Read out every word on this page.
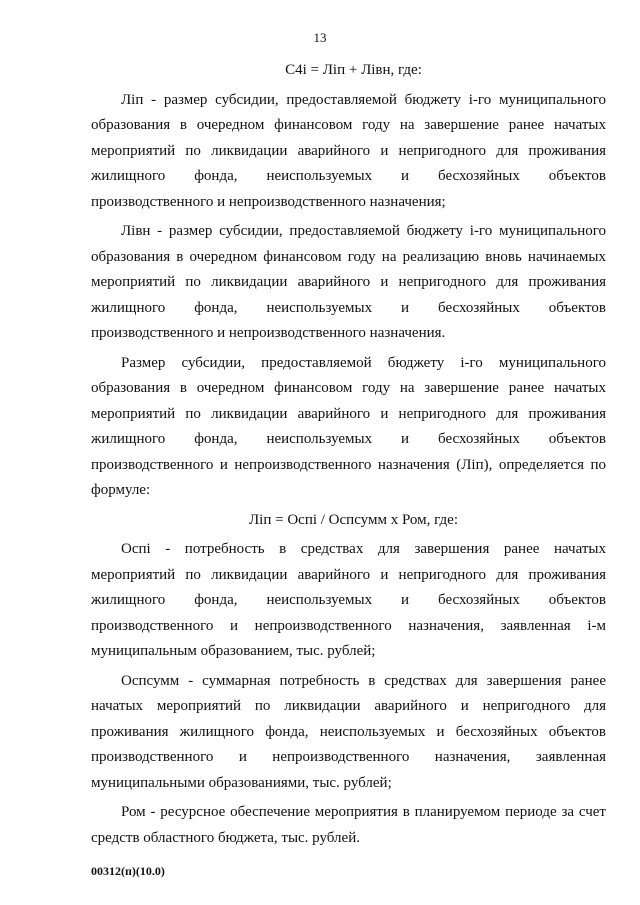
13

С4i = Лiп + Лiвн, где:

Лiп - размер субсидии, предоставляемой бюджету i-го муниципального образования в очередном финансовом году на завершение ранее начатых мероприятий по ликвидации аварийного и непригодного для проживания жилищного фонда, неиспользуемых и бесхозяйных объектов производственного и непроизводственного назначения;

Лiвн - размер субсидии, предоставляемой бюджету i-го муниципального образования в очередном финансовом году на реализацию вновь начинаемых мероприятий по ликвидации аварийного и непригодного для проживания жилищного фонда, неиспользуемых и бесхозяйных объектов производственного и непроизводственного назначения.

Размер субсидии, предоставляемой бюджету i-го муниципального образования в очередном финансовом году на завершение ранее начатых мероприятий по ликвидации аварийного и непригодного для проживания жилищного фонда, неиспользуемых и бесхозяйных объектов производственного и непроизводственного назначения (Лiп), определяется по формуле:

Лiп = Оспi / Оспсумм х Ром, где:

Оспi - потребность в средствах для завершения ранее начатых мероприятий по ликвидации аварийного и непригодного для проживания жилищного фонда, неиспользуемых и бесхозяйных объектов производственного и непроизводственного назначения, заявленная i-м муниципальным образованием, тыс. рублей;

Оспсумм - суммарная потребность в средствах для завершения ранее начатых мероприятий по ликвидации аварийного и непригодного для проживания жилищного фонда, неиспользуемых и бесхозяйных объектов производственного и непроизводственного назначения, заявленная муниципальными образованиями, тыс. рублей;

Ром - ресурсное обеспечение мероприятия в планируемом периоде за счет средств областного бюджета, тыс. рублей.

00312(п)(10.0)
